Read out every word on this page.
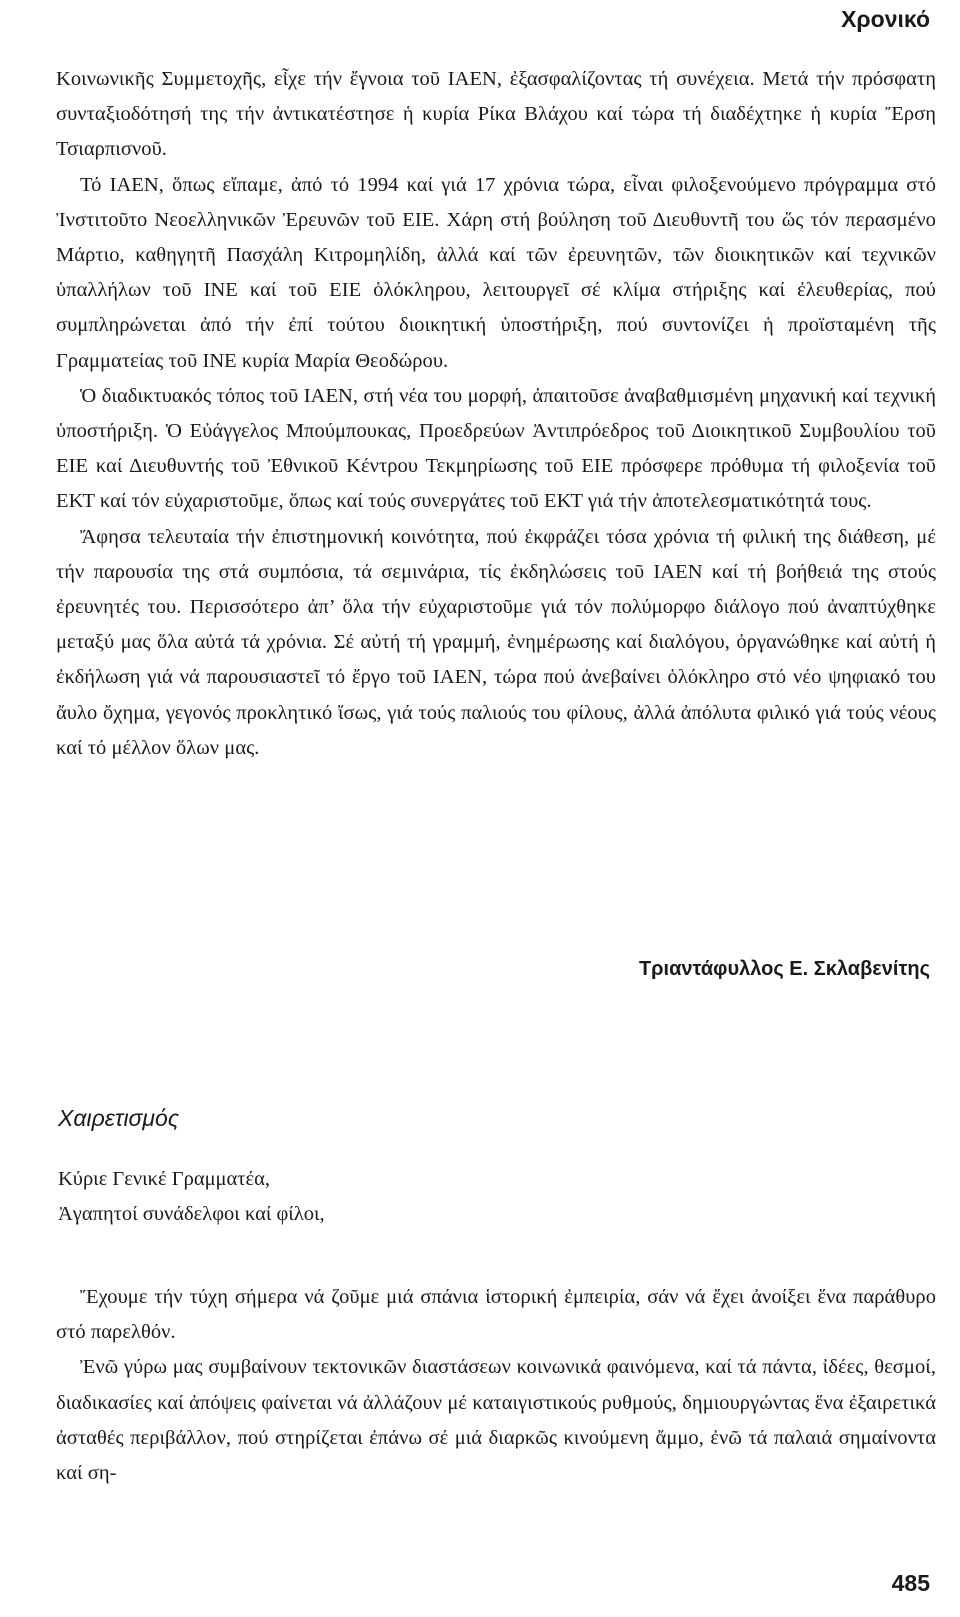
Χρονικό

Κοινωνικῆς Συμμετοχῆς, εἶχε τήν ἔγνοια τοῦ ΙΑΕΝ, ἐξασφαλίζοντας τή συνέχεια. Μετά τήν πρόσφατη συνταξιοδότησή της τήν ἀντικατέστησε ἡ κυρία Ρίκα Βλάχου καί τώρα τή διαδέχτηκε ἡ κυρία Ἔρση Τσιαρπισνοῦ.

Τό ΙΑΕΝ, ὅπως εἴπαμε, ἀπό τό 1994 καί γιά 17 χρόνια τώρα, εἶναι φιλοξενούμενο πρόγραμμα στό Ἰνστιτοῦτο Νεοελληνικῶν Ἐρευνῶν τοῦ ΕΙΕ. Χάρη στή βούληση τοῦ Διευθυντῆ του ὥς τόν περασμένο Μάρτιο, καθηγητῆ Πασχάλη Κιτρομηλίδη, ἀλλά καί τῶν ἐρευνητῶν, τῶν διοικητικῶν καί τεχνικῶν ὑπαλλήλων τοῦ ΙΝΕ καί τοῦ ΕΙΕ ὁλόκληρου, λειτουργεῖ σέ κλίμα στήριξης καί ἐλευθερίας, πού συμπληρώνεται ἀπό τήν ἐπί τούτου διοικητική ὑποστήριξη, πού συντονίζει ἡ προϊσταμένη τῆς Γραμματείας τοῦ ΙΝΕ κυρία Μαρία Θεοδώρου.

Ὁ διαδικτυακός τόπος τοῦ ΙΑΕΝ, στή νέα του μορφή, ἀπαιτοῦσε ἀναβαθμισμένη μηχανική καί τεχνική ὑποστήριξη. Ὁ Εὐάγγελος Μπούμπουκας, Προεδρεύων Ἀντιπρόεδρος τοῦ Διοικητικοῦ Συμβουλίου τοῦ ΕΙΕ καί Διευθυντής τοῦ Ἐθνικοῦ Κέντρου Τεκμηρίωσης τοῦ ΕΙΕ πρόσφερε πρόθυμα τή φιλοξενία τοῦ ΕΚΤ καί τόν εὐχαριστοῦμε, ὅπως καί τούς συνεργάτες τοῦ ΕΚΤ γιά τήν ἀποτελεσματικότητά τους.

Ἄφησα τελευταία τήν ἐπιστημονική κοινότητα, πού ἐκφράζει τόσα χρόνια τή φιλική της διάθεση, μέ τήν παρουσία της στά συμπόσια, τά σεμινάρια, τίς ἐκδηλώσεις τοῦ ΙΑΕΝ καί τή βοήθειά της στούς ἐρευνητές του. Περισσότερο ἀπ’ ὅλα τήν εὐχαριστοῦμε γιά τόν πολύμορφο διάλογο πού ἀναπτύχθηκε μεταξύ μας ὅλα αὐτά τά χρόνια. Σέ αὐτή τή γραμμή, ἐνημέρωσης καί διαλόγου, ὀργανώθηκε καί αὐτή ἡ ἐκδήλωση γιά νά παρουσιαστεῖ τό ἔργο τοῦ ΙΑΕΝ, τώρα πού ἀνεβαίνει ὁλόκληρο στό νέο ψηφιακό του ἄυλο ὄχημα, γεγονός προκλητικό ἴσως, γιά τούς παλιούς του φίλους, ἀλλά ἀπόλυτα φιλικό γιά τούς νέους καί τό μέλλον ὅλων μας.

Τριαντάφυλλος Ε. Σκλαβενίτης
Χαιρετισμός
Κύριε Γενικέ Γραμματέα,
Ἀγαπητοί συνάδελφοι καί φίλοι,

Ἔχουμε τήν τύχη σήμερα νά ζοῦμε μιά σπάνια ἱστορική ἐμπειρία, σάν νά ἔχει ἀνοίξει ἕνα παράθυρο στό παρελθόν.

Ἐνῶ γύρω μας συμβαίνουν τεκτονικῶν διαστάσεων κοινωνικά φαινόμενα, καί τά πάντα, ἰδέες, θεσμοί, διαδικασίες καί ἀπόψεις φαίνεται νά ἀλλάζουν μέ καταιγιστικούς ρυθμούς, δημιουργώντας ἕνα ἐξαιρετικά ἀσταθές περιβάλλον, πού στηρίζεται ἐπάνω σέ μιά διαρκῶς κινούμενη ἄμμο, ἐνῶ τά παλαιά σημαίνοντα καί ση-

485
